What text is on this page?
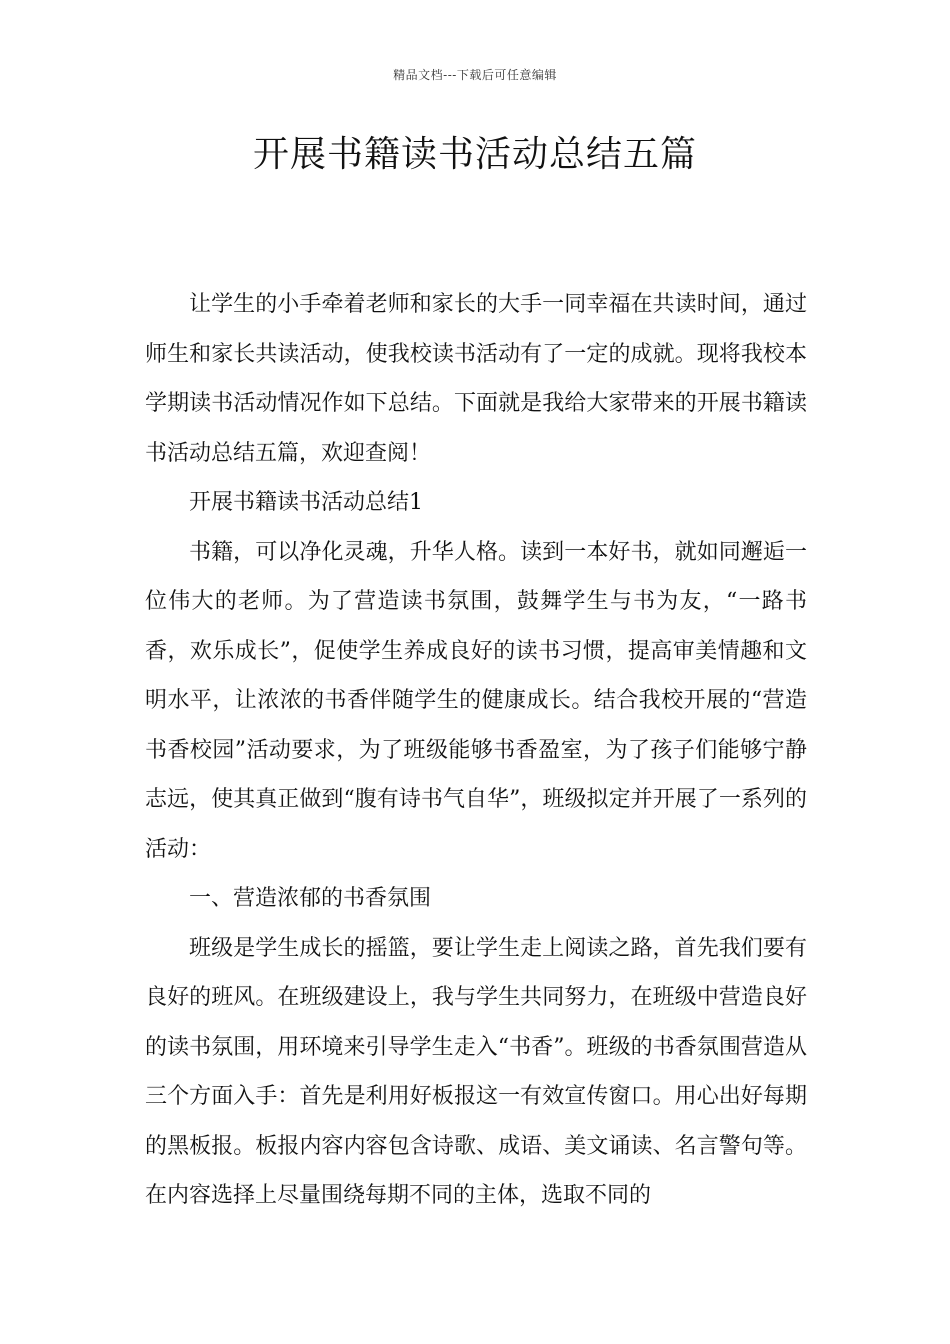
精品文档---下载后可任意编辑
开展书籍读书活动总结五篇

让学生的小手牵着老师和家长的大手一同幸福在共读时间，通过师生和家长共读活动，使我校读书活动有了一定的成就。现将我校本学期读书活动情况作如下总结。下面就是我给大家带来的开展书籍读书活动总结五篇，欢迎查阅！

开展书籍读书活动总结1

书籍，可以净化灵魂，升华人格。读到一本好书，就如同邂逅一位伟大的老师。为了营造读书氛围，鼓舞学生与书为友，“一路书香，欢乐成长”，促使学生养成良好的读书习惯，提高审美情趣和文明水平，让浓浓的书香伴随学生的健康成长。结合我校开展的“营造书香校园”活动要求，为了班级能够书香盈室，为了孩子们能够宁静志远，使其真正做到“腹有诗书气自华”，班级拟定并开展了一系列的活动：

一、营造浓郁的书香氛围

班级是学生成长的摇篮，要让学生走上阅读之路，首先我们要有良好的班风。在班级建设上，我与学生共同努力，在班级中营造良好的读书氛围，用环境来引导学生走入“书香”。班级的书香氛围营造从三个方面入手：首先是利用好板报这一有效宣传窗口。用心出好每期的黑板报。板报内容内容包含诗歌、成语、美文诵读、名言警句等。在内容选择上尽量围绕每期不同的主体，选取不同的
